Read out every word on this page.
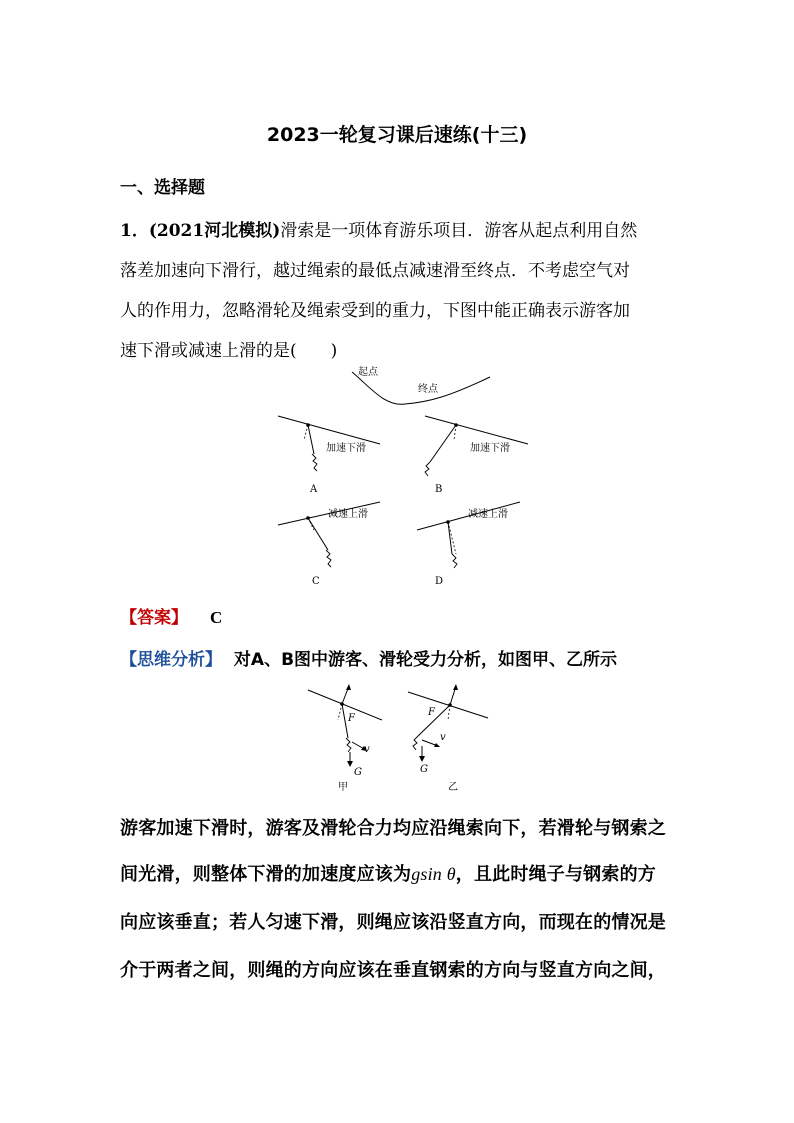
2023一轮复习课后速练(十三)
一、选择题
1．(2021河北模拟)滑索是一项体育游乐项目．游客从起点利用自然
落差加速向下滑行，越过绳索的最低点减速滑至终点．不考虑空气对
人的作用力，忽略滑轮及绳索受到的重力，下图中能正确表示游客加
速下滑或减速上滑的是(　　)
起点
终点
加速下滑
A
加速下滑
B
减速上滑
C
减速上滑
D
【答案】 C
【思维分析】 对A、B图中游客、滑轮受力分析，如图甲、乙所示
F
v
G
甲
F
v
G
乙
游客加速下滑时，游客及滑轮合力均应沿绳索向下，若滑轮与钢索之
间光滑，则整体下滑的加速度应该为gsin θ，且此时绳子与钢索的方
向应该垂直；若人匀速下滑，则绳应该沿竖直方向，而现在的情况是
介于两者之间，则绳的方向应该在垂直钢索的方向与竖直方向之间，
